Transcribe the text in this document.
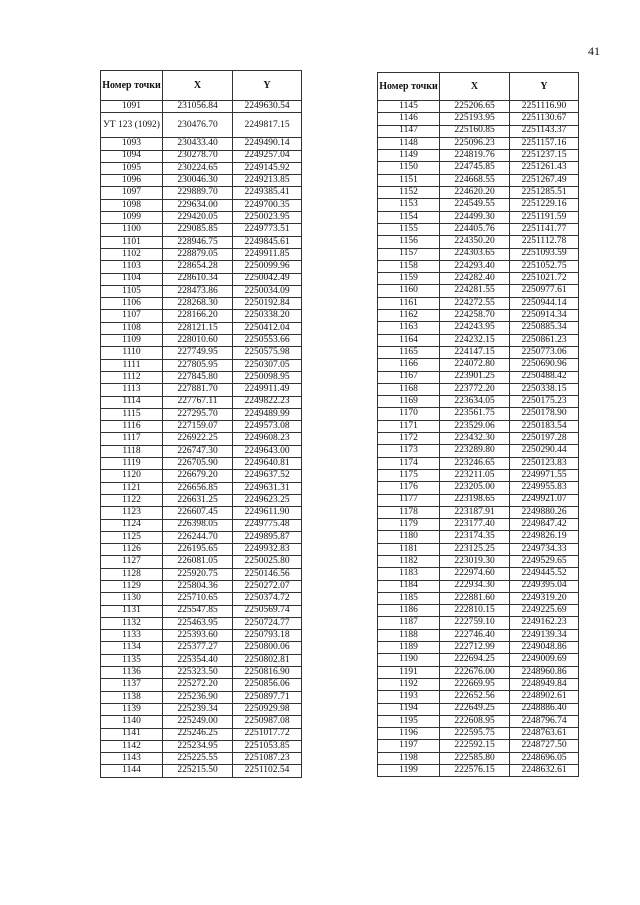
41
Номер точки	X	Y
1091	231056.84	2249630.54
УТ 123 (1092)	230476.70	2249817.15
1093	230433.40	2249490.14
1094	230278.70	2249257.04
1095	230224.65	2249145.92
1096	230046.30	2249213.85
1097	229889.70	2249385.41
1098	229634.00	2249700.35
1099	229420.05	2250023.95
1100	229085.85	2249773.51
1101	228946.75	2249845.61
1102	228879.05	2249911.85
1103	228654.28	2250099.96
1104	228610.34	2250042.49
1105	228473.86	2250034.09
1106	228268.30	2250192.84
1107	228166.20	2250338.20
1108	228121.15	2250412.04
1109	228010.60	2250553.66
1110	227749.95	2250575.98
1111	227805.95	2250307.05
1112	227845.80	2250098.95
1113	227881.70	2249911.49
1114	227767.11	2249822.23
1115	227295.70	2249489.99
1116	227159.07	2249573.08
1117	226922.25	2249608.23
1118	226747.30	2249643.00
1119	226705.90	2249640.81
1120	226679.20	2249637.52
1121	226656.85	2249631.31
1122	226631.25	2249623.25
1123	226607.45	2249611.90
1124	226398.05	2249775.48
1125	226244.70	2249895.87
1126	226195.65	2249932.83
1127	226081.05	2250025.80
1128	225920.75	2250146.56
1129	225804.36	2250272.07
1130	225710.65	2250374.72
1131	225547.85	2250569.74
1132	225463.95	2250724.77
1133	225393.60	2250793.18
1134	225377.27	2250800.06
1135	225354.40	2250802.81
1136	225323.50	2250816.90
1137	225272.20	2250856.06
1138	225236.90	2250897.71
1139	225239.34	2250929.98
1140	225249.00	2250987.08
1141	225246.25	2251017.72
1142	225234.95	2251053.85
1143	225225.55	2251087.23
1144	225215.50	2251102.54
Номер точки	X	Y
1145	225206.65	2251116.90
1146	225193.95	2251130.67
1147	225160.85	2251143.37
1148	225096.23	2251157.16
1149	224819.76	2251237.15
1150	224745.85	2251261.43
1151	224668.55	2251267.49
1152	224620.20	2251285.51
1153	224549.55	2251229.16
1154	224499.30	2251191.59
1155	224405.76	2251141.77
1156	224350.20	2251112.78
1157	224303.65	2251093.59
1158	224293.40	2251052.75
1159	224282.40	2251021.72
1160	224281.55	2250977.61
1161	224272.55	2250944.14
1162	224258.70	2250914.34
1163	224243.95	2250885.34
1164	224232.15	2250861.23
1165	224147.15	2250773.06
1166	224072.80	2250690.96
1167	223901.25	2250488.42
1168	223772.20	2250338.15
1169	223634.05	2250175.23
1170	223561.75	2250178.90
1171	223529.06	2250183.54
1172	223432.30	2250197.28
1173	223289.80	2250290.44
1174	223246.65	2250123.83
1175	223211.05	2249971.55
1176	223205.00	2249955.83
1177	223198.65	2249921.07
1178	223187.91	2249880.26
1179	223177.40	2249847.42
1180	223174.35	2249826.19
1181	223125.25	2249734.33
1182	223019.30	2249529.65
1183	222974.60	2249445.52
1184	222934.30	2249395.04
1185	222881.60	2249319.20
1186	222810.15	2249225.69
1187	222759.10	2249162.23
1188	222746.40	2249139.34
1189	222712.99	2249048.86
1190	222694.25	2249009.69
1191	222676.00	2248960.86
1192	222669.95	2248949.84
1193	222652.56	2248902.61
1194	222649.25	2248886.40
1195	222608.95	2248796.74
1196	222595.75	2248763.61
1197	222592.15	2248727.50
1198	222585.80	2248696.05
1199	222576.15	2248632.61
